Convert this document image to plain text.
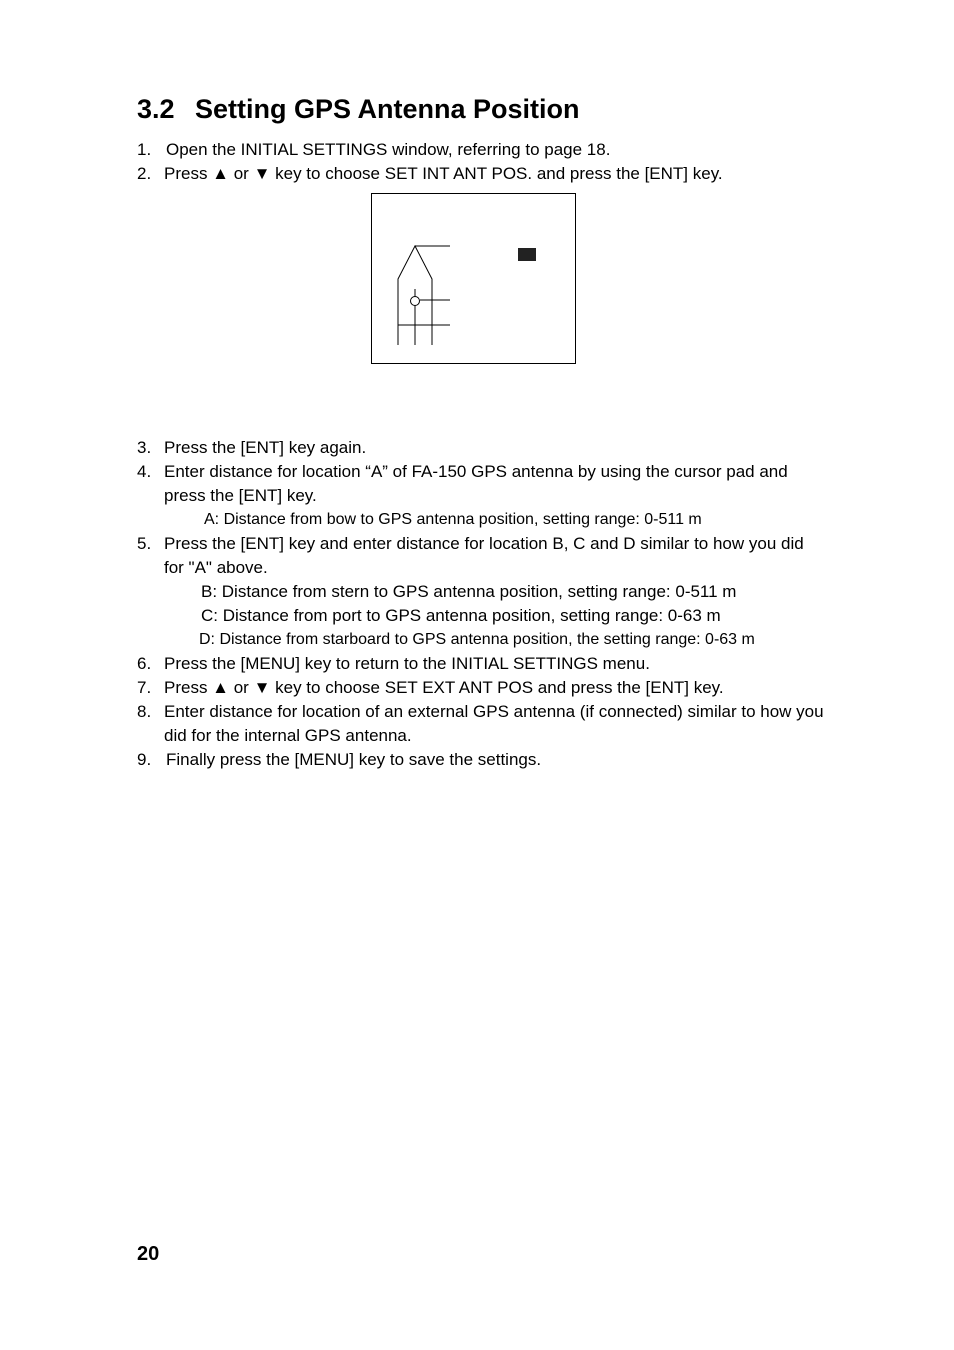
3.2 Setting GPS Antenna Position
1. Open the INITIAL SETTINGS window, referring to page 18.
2. Press ▲ or ▼ key to choose SET INT ANT POS. and press the [ENT] key.
3. Press the [ENT] key again.
4. Enter distance for location “A” of FA-150 GPS antenna by using the cursor pad and press the [ENT] key.
A: Distance from bow to GPS antenna position, setting range: 0-511 m
5. Press the [ENT] key and enter distance for location B, C and D similar to how you did for "A" above.
B: Distance from stern to GPS antenna position, setting range: 0-511 m
C: Distance from port to GPS antenna position, setting range: 0-63 m
D: Distance from starboard to GPS antenna position, the setting range: 0-63 m
6. Press the [MENU] key to return to the INITIAL SETTINGS menu.
7. Press ▲ or ▼ key to choose SET EXT ANT POS and press the [ENT] key.
8. Enter distance for location of an external GPS antenna (if connected) similar to how you did for the internal GPS antenna.
9. Finally press the [MENU] key to save the settings.
20
